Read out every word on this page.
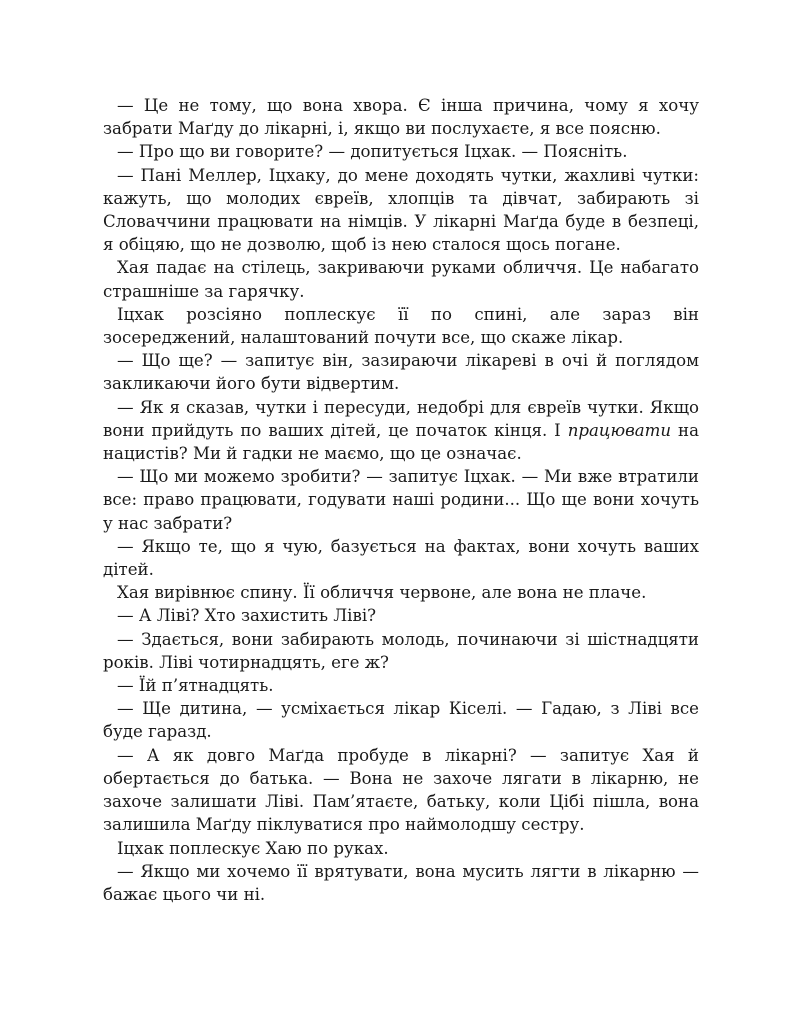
— Це не тому, що вона хвора. Є інша причина, чому я хочу забрати Маґду до лікарні, і, якщо ви послухаєте, я все поясню.

— Про що ви говорите? — допитується Іцхак. — Поясніть.

— Пані Меллер, Іцхаку, до мене доходять чутки, жахливі чутки: кажуть, що молодих євреїв, хлопців та дівчат, забирають зі Словаччини працювати на німців. У лікарні Маґда буде в безпеці, я обіцяю, що не дозволю, щоб із нею сталося щось погане.

Хая падає на стілець, закриваючи руками обличчя. Це набагато страшніше за гарячку.

Іцхак розсіяно поплескує її по спині, але зараз він зосереджений, налаштований почути все, що скаже лікар.

— Що ще? — запитує він, зазираючи лікареві в очі й поглядом закликаючи його бути відвертим.

— Як я сказав, чутки і пересуди, недобрі для євреїв чутки. Якщо вони прийдуть по ваших дітей, це початок кінця. І працювати на нацистів? Ми й гадки не маємо, що це означає.

— Що ми можемо зробити? — запитує Іцхак. — Ми вже втратили все: право працювати, годувати наші родини... Що ще вони хочуть у нас забрати?

— Якщо те, що я чую, базується на фактах, вони хочуть ваших дітей.

Хая вирівнює спину. Її обличчя червоне, але вона не плаче.

— А Ліві? Хто захистить Ліві?

— Здається, вони забирають молодь, починаючи зі шістнадцяти років. Ліві чотирнадцять, еге ж?

— Їй п’ятнадцять.

— Ще дитина, — усміхається лікар Кіселі. — Гадаю, з Ліві все буде гаразд.

— А як довго Маґда пробуде в лікарні? — запитує Хая й обертається до батька. — Вона не захоче лягати в лікарню, не захоче залишати Ліві. Пам’ятаєте, батьку, коли Цібі пішла, вона залишила Маґду піклуватися про наймолодшу сестру.

Іцхак поплескує Хаю по руках.

— Якщо ми хочемо її врятувати, вона мусить лягти в лікарню — бажає цього чи ні.
